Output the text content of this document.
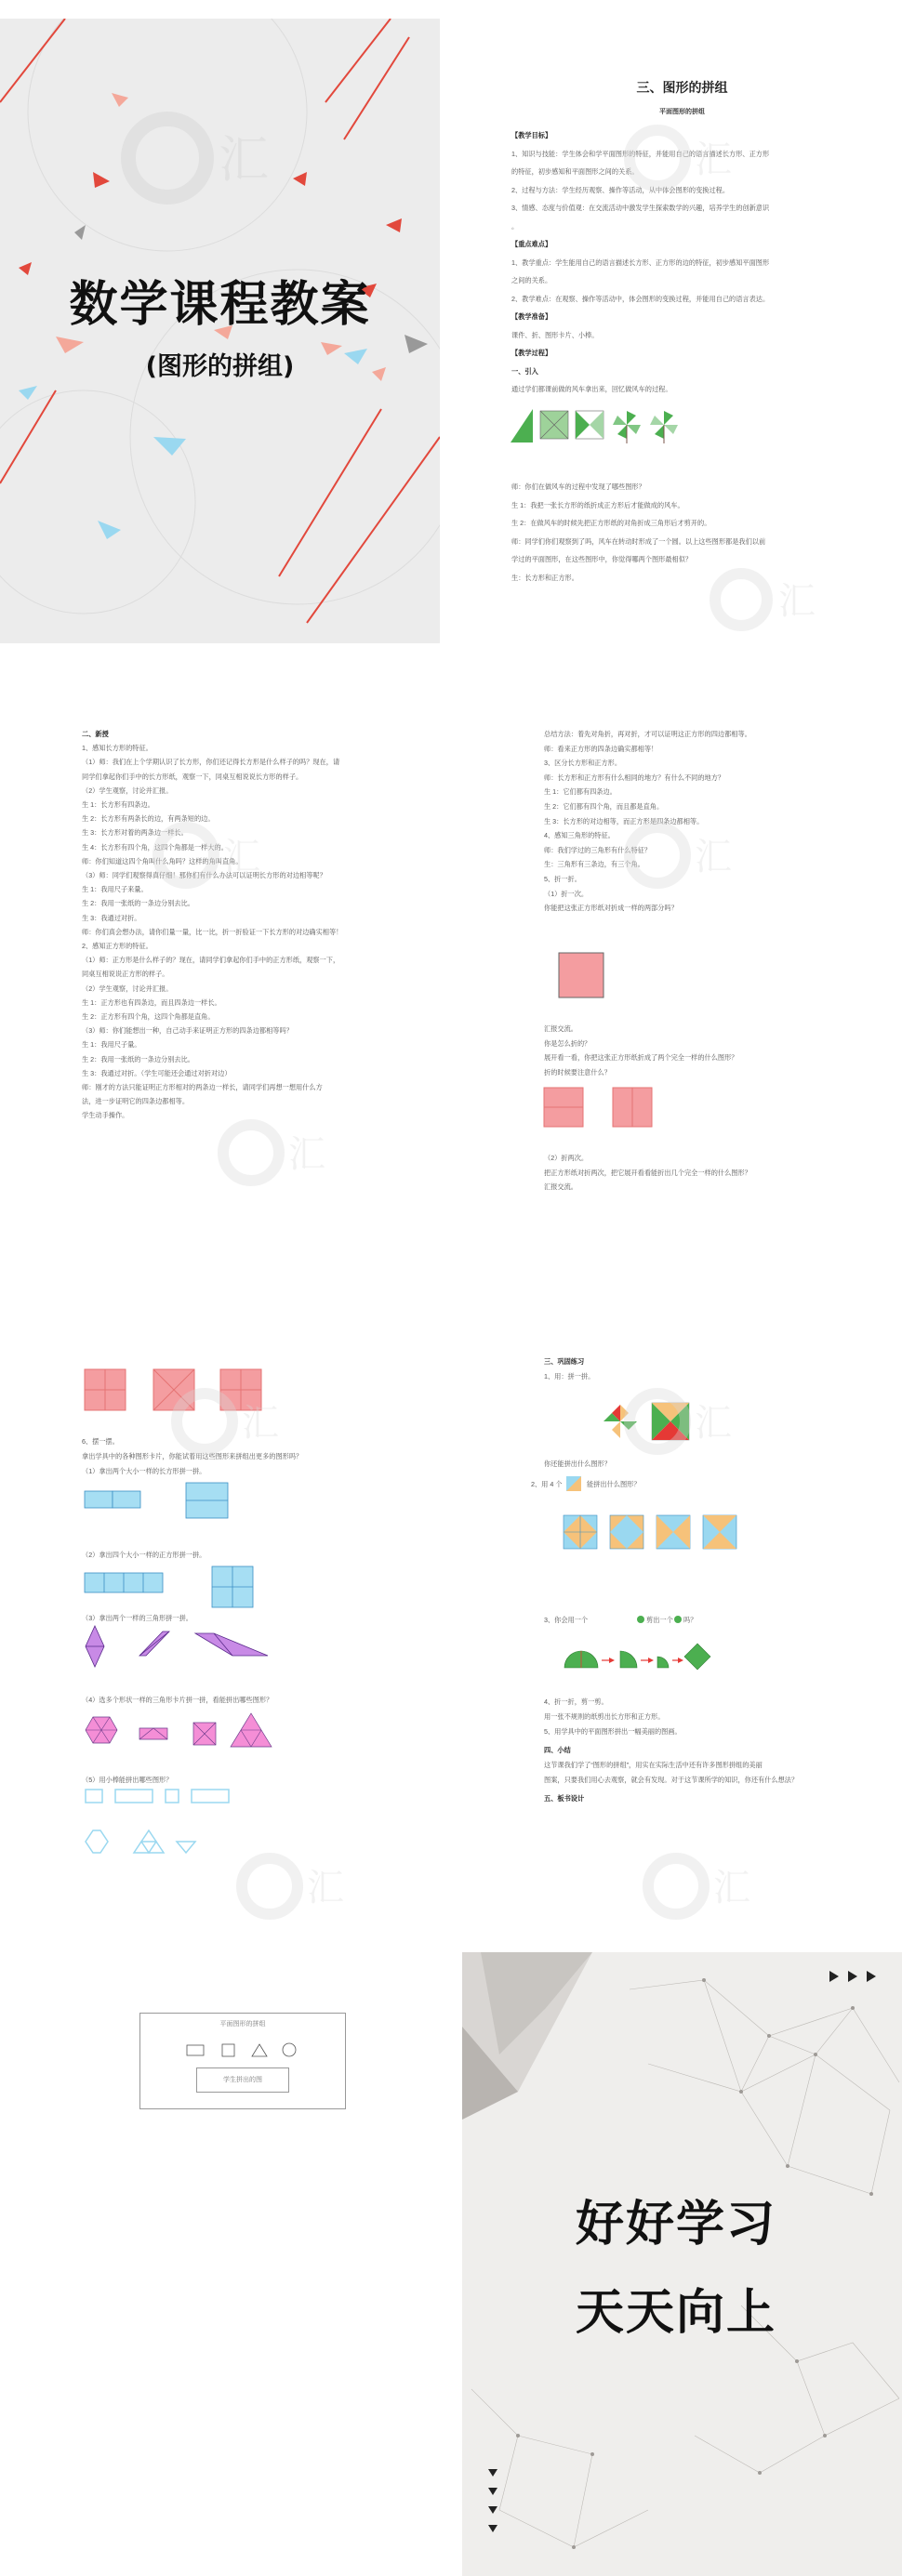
汇
数学课程教案
(图形的拼组)
三、图形的拼组
平面图形的拼组
【教学目标】
1、知识与技能：学生体会和学平面图形的特征，并能用自己的语言描述长方形、正方形
的特征，初步感知和平面图形之间的关系。
2、过程与方法：学生经历观察、操作等活动，从中体会图形的变换过程。
3、情感、态度与价值观：在交流活动中激发学生探索数学的兴趣，培养学生的创新意识
。
【重点难点】
1、教学重点：学生能用自己的语言描述长方形、正方形的边的特征，初步感知平面图形
之间的关系。
2、教学难点：在观察、操作等活动中，体会图形的变换过程，并能用自己的语言表达。
【教学准备】
课件、折、图形卡片、小棒。
【教学过程】
一、引入
通过学们都课前做的风车拿出来，回忆做风车的过程。
师：你们在做风车的过程中发现了哪些图形？
生 1：我把一张长方形的纸折成正方形后才能做成的风车。
生 2：在做风车的时候先把正方形纸的对角折成三角形后才剪开的。
师：同学们你们观察到了吗，风车在转动时形成了一个圆。以上这些图形都是我们以前
学过的平面图形，在这些图形中，你觉得哪两个图形最相似？
生：长方形和正方形。
汇
汇
二、新授
1、感知长方形的特征。
（1）师：我们在上个学期认识了长方形，你们还记得长方形是什么样子的吗？现在，请
同学们拿起你们手中的长方形纸，观察一下，同桌互相说说长方形的样子。
（2）学生观察，讨论并汇报。
生 1：长方形有四条边。
生 2：长方形有两条长的边，有两条短的边。
生 3：长方形对着的两条边一样长。
生 4：长方形有四个角，这四个角都是一样大的。
师：你们知道这四个角叫什么角吗？这样的角叫直角。
（3）师：同学们观察得真仔细！那你们有什么办法可以证明长方形的对边相等呢？
生 1：我用尺子来量。
生 2：我用一张纸的一条边分别去比。
生 3：我通过对折。
师：你们真会想办法，请你们量一量，比一比，折一折验证一下长方形的对边确实相等！
2、感知正方形的特征。
（1）师：正方形是什么样子的？现在，请同学们拿起你们手中的正方形纸，观察一下，
同桌互相说说正方形的样子。
（2）学生观察，讨论并汇报。
生 1：正方形也有四条边，而且四条边一样长。
生 2：正方形有四个角，这四个角都是直角。
（3）师：你们能想出一种，自己动手来证明正方形的四条边都相等吗？
生 1：我用尺子量。
生 2：我用一张纸的一条边分别去比。
生 3：我通过对折。（学生可能还会通过对折对边）
师：刚才的方法只能证明正方形相对的两条边一样长，请同学们再想一想用什么方
法，进一步证明它的四条边都相等。
学生动手操作。
汇
汇
总结方法：着先对角折，再对折，才可以证明这正方形的四边都相等。
师：看来正方形的四条边确实都相等！
3、区分长方形和正方形。
师：长方形和正方形有什么相同的地方？有什么不同的地方？
生 1：它们都有四条边。
生 2：它们都有四个角，而且都是直角。
生 3：长方形的对边相等，而正方形是四条边都相等。
4、感知三角形的特征。
师：我们学过的三角形有什么特征？
生：三角形有三条边，有三个角。
5、折一折。
（1）折一次。
你能把这张正方形纸对折成一样的两部分吗？
汇报交流。
你是怎么折的？
展开看一看，你把这张正方形纸折成了两个完全一样的什么图形？
折的时候要注意什么？
（2）折两次。
把正方形纸对折两次，把它展开看看能折出几个完全一样的什么图形？
汇报交流。
汇
6、摆一摆。
拿出学具中的各种图形卡片，你能试着用这些图形来拼组出更多的图形吗？
（1）拿出两个大小一样的长方形拼一拼。
（2）拿出四个大小一样的正方形拼一拼。
（3）拿出两个一样的三角形拼一拼。
（4）选多个形状一样的三角形卡片拼一拼，看能拼出哪些图形？
（5）用小棒能拼出哪些图形？
汇
汇
三、巩固练习
1、用：拼一拼。
你还能拼出什么图形？
2、用 4 个	能拼出什么图形？
3、你会用一个	剪出一个 吗？
4、折一折，剪一剪。
用一张不规则的纸剪出长方形和正方形。
5、用学具中的平面图形拼出一幅美丽的图画。
四、小结
这节课我们学了“图形的拼组”，用实在实际生活中还有许多图形拼组的美丽
图案，只要我们用心去观察，就会有发现。对于这节课所学的知识，你还有什么想法？
五、板书设计
汇
汇
平面图形的拼组
学生拼出的图
好好学习
天天向上
